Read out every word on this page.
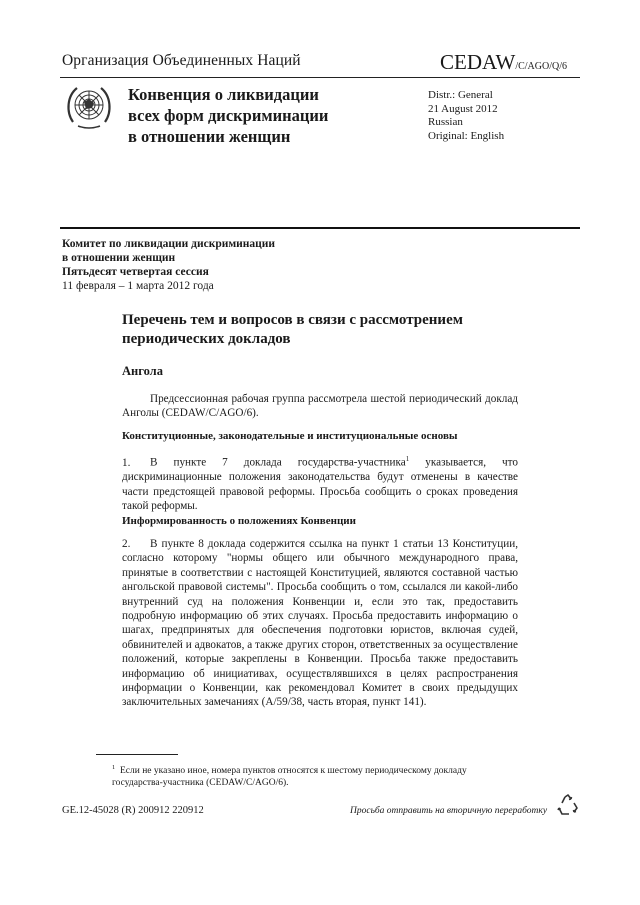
Организация Объединенных Наций	CEDAW/C/AGO/Q/6
Конвенция о ликвидации
всех форм дискриминации
в отношении женщин
Distr.: General
21 August 2012
Russian
Original: English
Комитет по ликвидации дискриминации
в отношении женщин
Пятьдесят четвертая сессия
11 февраля – 1 марта 2012 года
Перечень тем и вопросов в связи с рассмотрением
периодических докладов
Ангола
Предсессионная рабочая группа рассмотрела шестой периодический доклад Анголы (CEDAW/C/AGO/6).
Конституционные, законодательные и институциональные основы
1. В пункте 7 доклада государства-участника$^1$ указывается, что дискриминационные положения законодательства будут отменены в качестве части предстоящей правовой реформы. Просьба сообщить о сроках проведения такой реформы.
Информированность о положениях Конвенции
2. В пункте 8 доклада содержится ссылка на пункт 1 статьи 13 Конституции, согласно которому "нормы общего или обычного международного права, принятые в соответствии с настоящей Конституцией, являются составной частью ангольской правовой системы". Просьба сообщить о том, ссылался ли какой-либо внутренний суд на положения Конвенции и, если это так, предоставить подробную информацию об этих случаях. Просьба предоставить информацию о шагах, предпринятых для обеспечения подготовки юристов, включая судей, обвинителей и адвокатов, а также других сторон, ответственных за осуществление положений, которые закреплены в Конвенции. Просьба также предоставить информацию об инициативах, осуществлявшихся в целях распространения информации о Конвенции, как рекомендовал Комитет в своих предыдущих заключительных замечаниях (A/59/38, часть вторая, пункт 141).
$^1$ Если не указано иное, номера пунктов относятся к шестому периодическому докладу государства-участника (CEDAW/C/AGO/6).
GE.12-45028 (R) 200912 220912	Просьба отправить на вторичную переработку
